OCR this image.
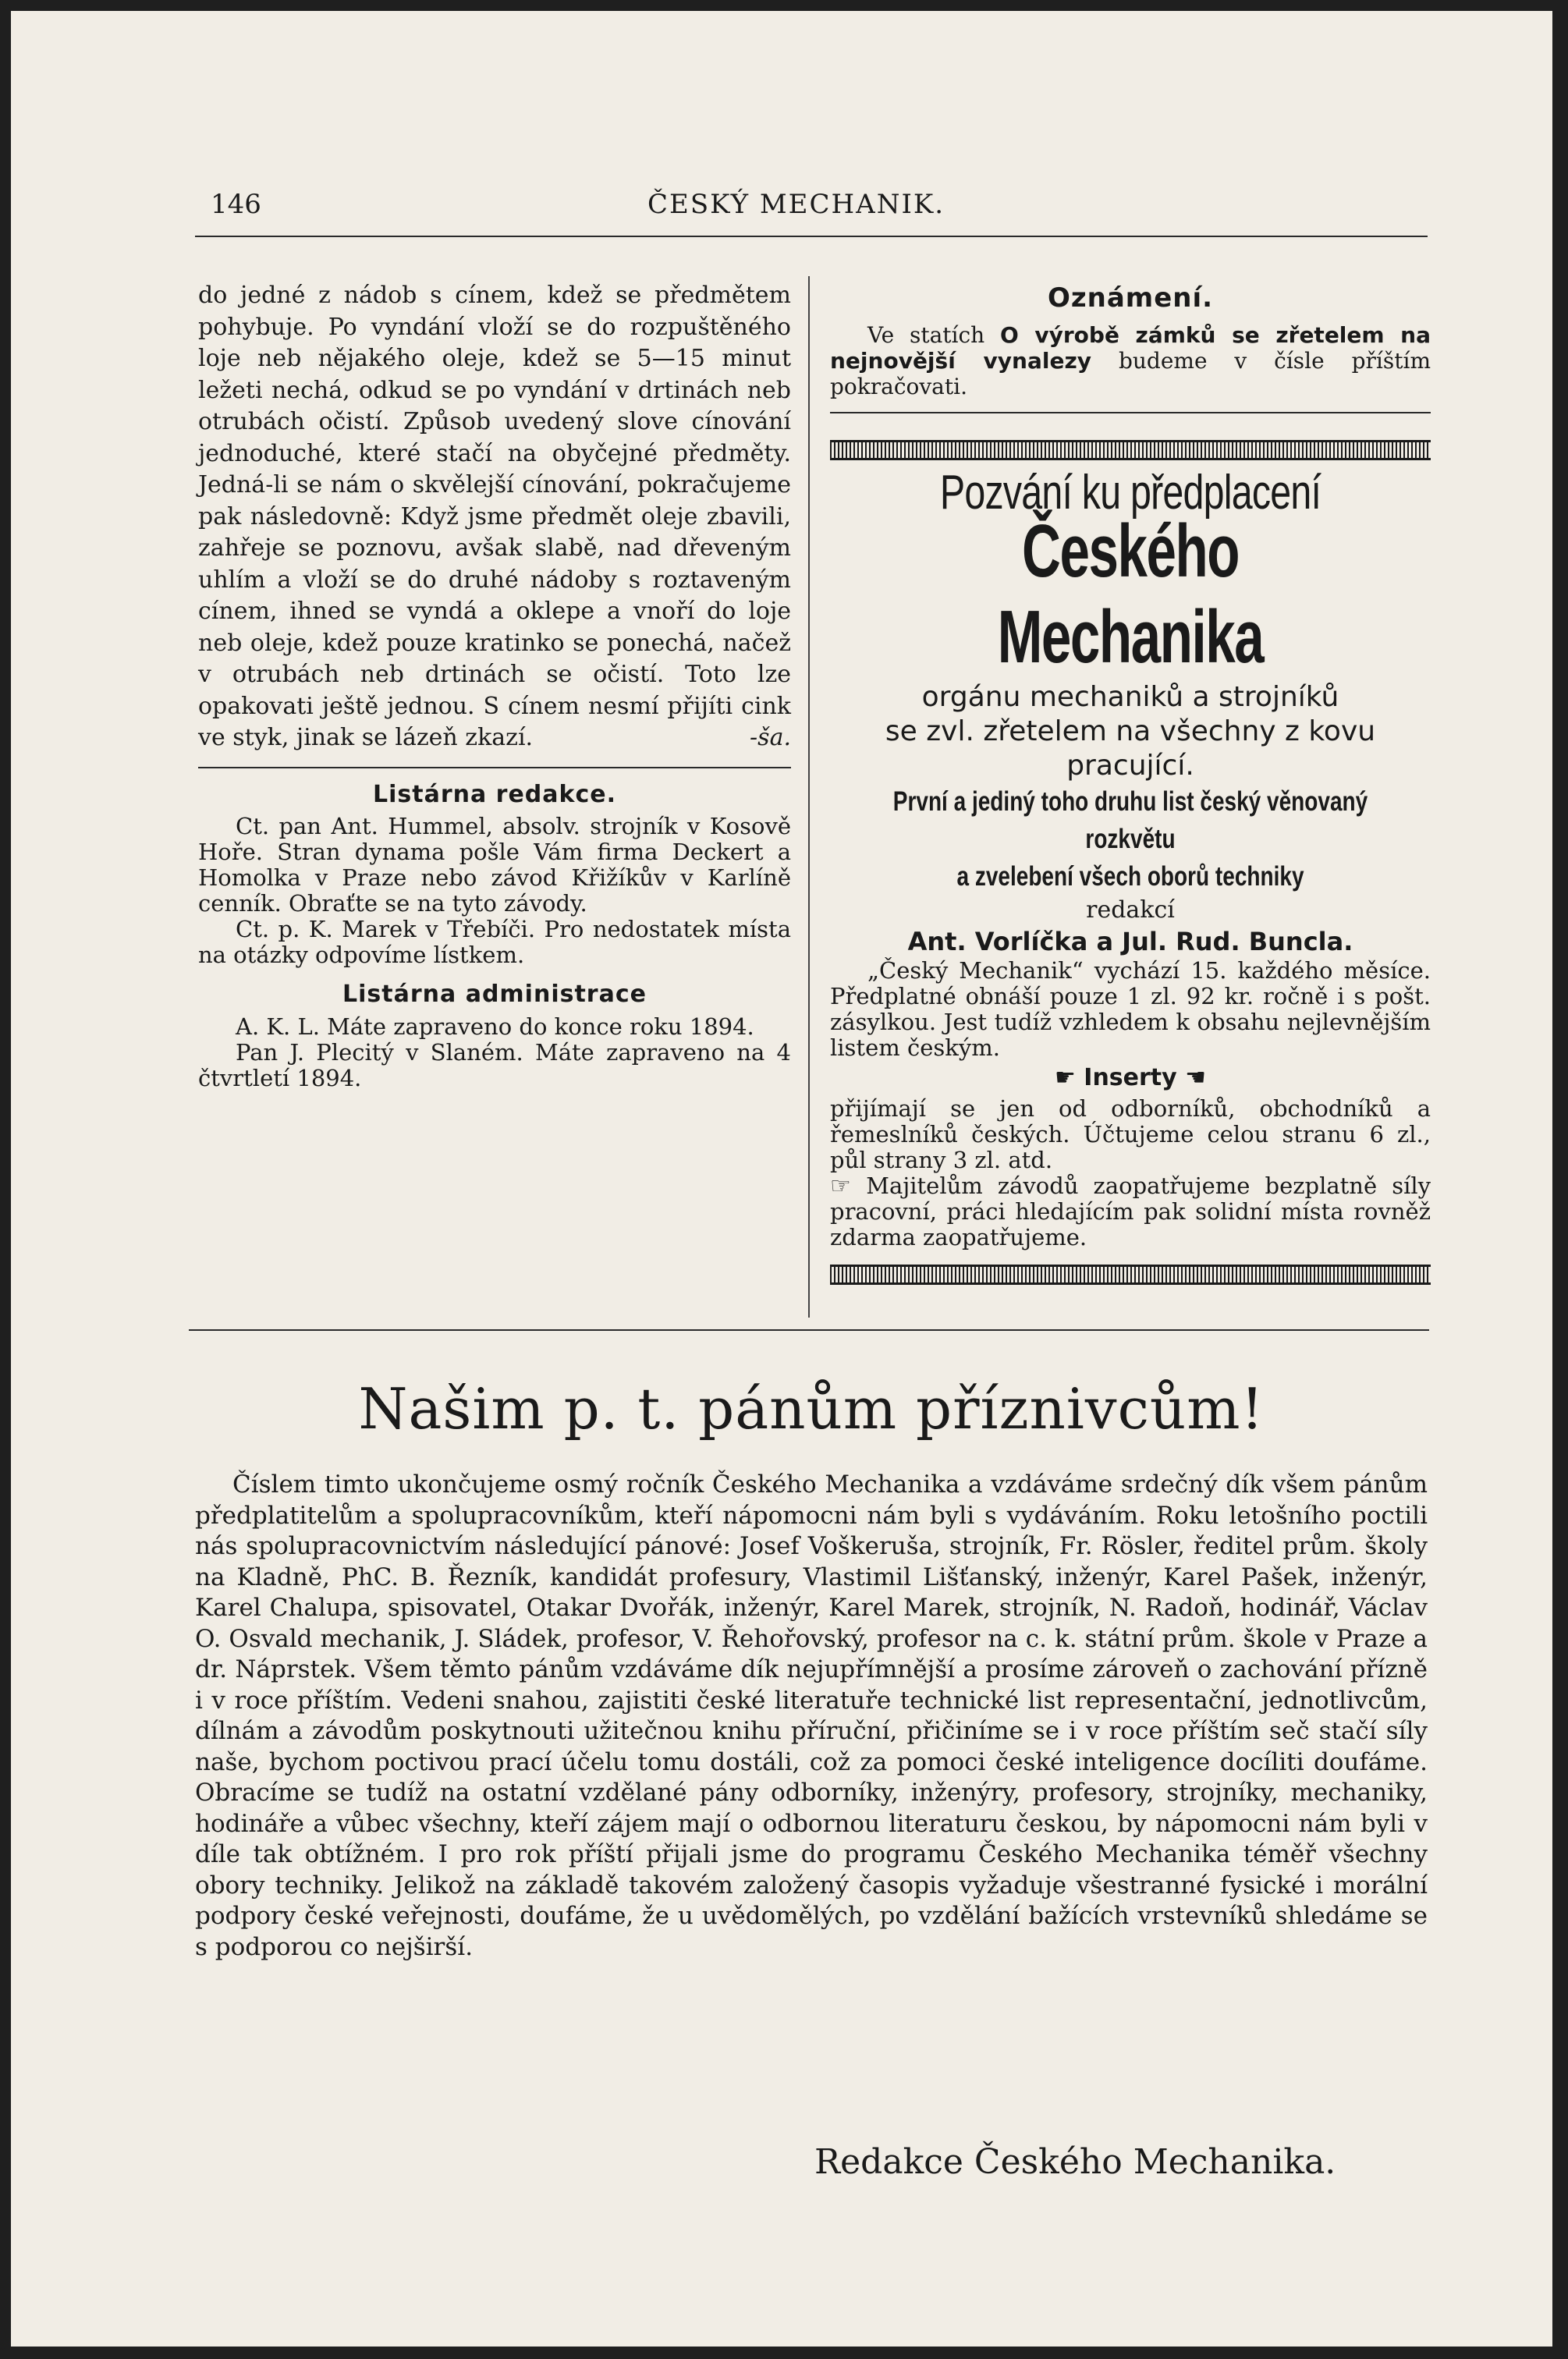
146	ČESKÝ MECHANIK.

do jedné z nádob s cínem, kdež se předmětem pohybuje. Po vyndání vloží se do rozpuštěného loje neb nějakého oleje, kdež se 5—15 minut ležeti nechá, odkud se po vyndání v drtinách neb otrubách očistí. Způsob uvedený slove cínování jednoduché, které stačí na obyčejné předměty. Jedná-li se nám o skvělejší cínování, pokračujeme pak následovně: Když jsme předmět oleje zbavili, zahřeje se poznovu, avšak slabě, nad dřeveným uhlím a vloží se do druhé nádoby s roztaveným cínem, ihned se vyndá a oklepe a vnoří do loje neb oleje, kdež pouze kratinko se ponechá, načež v otrubách neb drtinách se očistí. Toto lze opakovati ještě jednou. S cínem nesmí přijíti cink ve styk, jinak se lázeň zkazí.	-ša.

Listárna redakce.

Ct. pan Ant. Hummel, absolv. strojník v Kosově Hoře. Stran dynama pošle Vám firma Deckert a Homolka v Praze nebo závod Křižíkův v Karlíně cenník. Obraťte se na tyto závody.

Ct. p. K. Marek v Třebíči. Pro nedostatek místa na otázky odpovíme lístkem.

Listárna administrace

A. K. L. Máte zapraveno do konce roku 1894.

Pan J. Plecitý v Slaném. Máte zapraveno na 4 čtvrtletí 1894.

Oznámení.

Ve statích O výrobě zámků se zřetelem na nejnovější vynalezy budeme v čísle příštím pokračovati.

Pozvání ku předplacení

Českého Mechanika

orgánu mechaniků a strojníků

se zvl. zřetelem na všechny z kovu pracující.

První a jediný toho druhu list český věnovaný rozkvětu

a zvelebení všech oborů techniky

redakcí

Ant. Vorlíčka a Jul. Rud. Buncla.

„Český Mechanik“ vychází 15. každého měsíce. Předplatné obnáší pouze 1 zl. 92 kr. ročně i s pošt. zásylkou. Jest tudíž vzhledem k obsahu nejlevnějším listem českým.

☛ Inserty ☚

přijímají se jen od odborníků, obchodníků a řemeslníků českých. Účtujeme celou stranu 6 zl., půl strany 3 zl. atd.

☞ Majitelům závodů zaopatřujeme bezplatně síly pracovní, práci hledajícím pak solidní místa rovněž zdarma zaopatřujeme.

Našim p. t. pánům příznivcům!

Číslem timto ukončujeme osmý ročník Českého Mechanika a vzdáváme srdečný dík všem pánům předplatitelům a spolupracovníkům, kteří nápomocni nám byli s vydáváním. Roku letošního poctili nás spolupracovnictvím následující pánové: Josef Voškeruša, strojník, Fr. Rösler, ředitel prům. školy na Kladně, PhC. B. Řezník, kandidát profesury, Vlastimil Lišťanský, inženýr, Karel Pašek, inženýr, Karel Chalupa, spisovatel, Otakar Dvořák, inženýr, Karel Marek, strojník, N. Radoň, hodinář, Václav O. Osvald mechanik, J. Sládek, profesor, V. Řehořovský, profesor na c. k. státní prům. škole v Praze a dr. Náprstek. Všem těmto pánům vzdáváme dík nejupřímnější a prosíme zároveň o zachování přízně i v roce příštím. Vedeni snahou, zajistiti české literatuře technické list representační, jednotlivcům, dílnám a závodům poskytnouti užitečnou knihu příruční, přičiníme se i v roce příštím seč stačí síly naše, bychom poctivou prací účelu tomu dostáli, což za pomoci české inteligence docíliti doufáme. Obracíme se tudíž na ostatní vzdělané pány odborníky, inženýry, profesory, strojníky, mechaniky, hodináře a vůbec všechny, kteří zájem mají o odbornou literaturu českou, by nápomocni nám byli v díle tak obtížném. I pro rok příští přijali jsme do programu Českého Mechanika téměř všechny obory techniky. Jelikož na základě takovém založený časopis vyžaduje všestranné fysické i morální podpory české veřejnosti, doufáme, že u uvědomělých, po vzdělání bažících vrstevníků shledáme se s podporou co nejširší.

Redakce Českého Mechanika.
